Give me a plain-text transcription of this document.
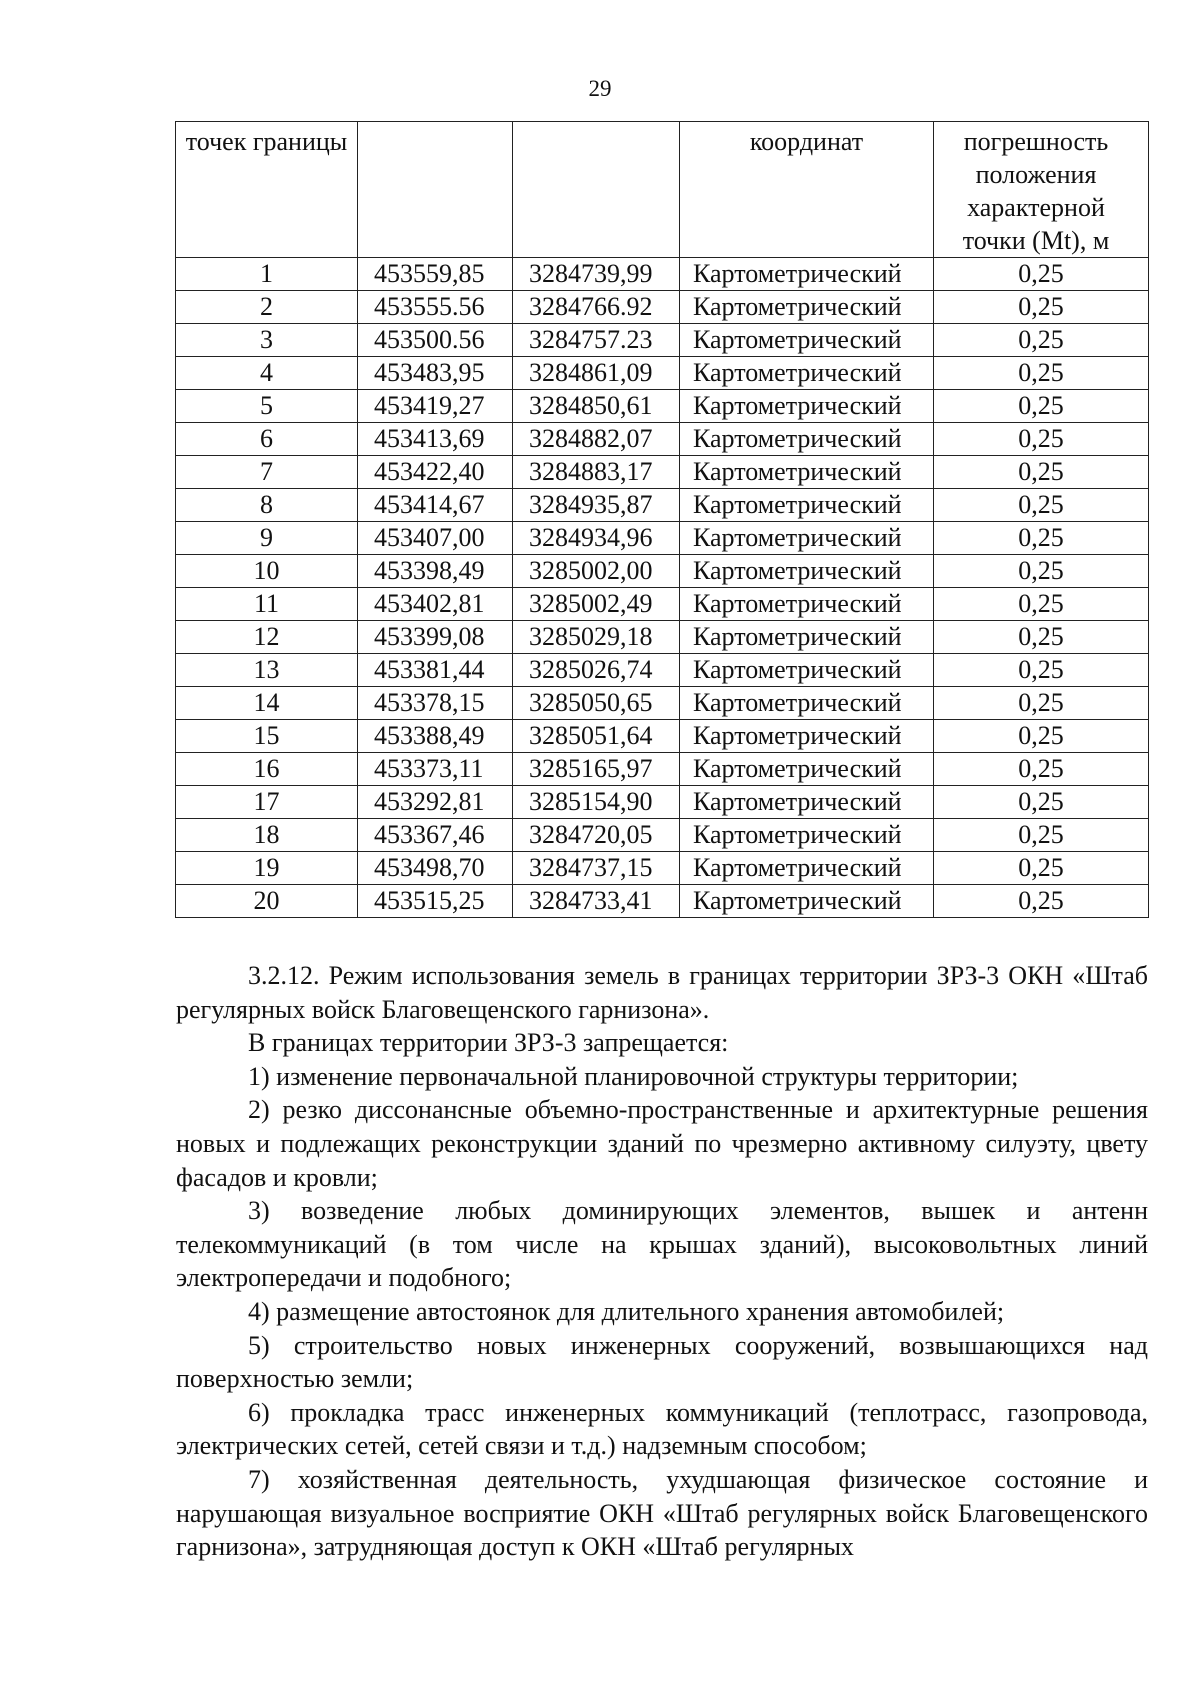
29
точек границы			координат	погрешность положения характерной точки (Mt), м
1	453559,85	3284739,99	Картометрический	0,25
2	453555.56	3284766.92	Картометрический	0,25
3	453500.56	3284757.23	Картометрический	0,25
4	453483,95	3284861,09	Картометрический	0,25
5	453419,27	3284850,61	Картометрический	0,25
6	453413,69	3284882,07	Картометрический	0,25
7	453422,40	3284883,17	Картометрический	0,25
8	453414,67	3284935,87	Картометрический	0,25
9	453407,00	3284934,96	Картометрический	0,25
10	453398,49	3285002,00	Картометрический	0,25
11	453402,81	3285002,49	Картометрический	0,25
12	453399,08	3285029,18	Картометрический	0,25
13	453381,44	3285026,74	Картометрический	0,25
14	453378,15	3285050,65	Картометрический	0,25
15	453388,49	3285051,64	Картометрический	0,25
16	453373,11	3285165,97	Картометрический	0,25
17	453292,81	3285154,90	Картометрический	0,25
18	453367,46	3284720,05	Картометрический	0,25
19	453498,70	3284737,15	Картометрический	0,25
20	453515,25	3284733,41	Картометрический	0,25

3.2.12. Режим использования земель в границах территории ЗРЗ-3 ОКН «Штаб регулярных войск Благовещенского гарнизона».

В границах территории ЗРЗ-3 запрещается:

1) изменение первоначальной планировочной структуры территории;

2) резко диссонансные объемно-пространственные и архитектурные решения новых и подлежащих реконструкции зданий по чрезмерно активному силуэту, цвету фасадов и кровли;

3) возведение любых доминирующих элементов, вышек и антенн телекоммуникаций (в том числе на крышах зданий), высоковольтных линий электропередачи и подобного;

4) размещение автостоянок для длительного хранения автомобилей;

5) строительство новых инженерных сооружений, возвышающихся над поверхностью земли;

6) прокладка трасс инженерных коммуникаций (теплотрасс, газопровода, электрических сетей, сетей связи и т.д.) надземным способом;

7) хозяйственная деятельность, ухудшающая физическое состояние и нарушающая визуальное восприятие ОКН «Штаб регулярных войск Благовещенского гарнизона», затрудняющая доступ к ОКН «Штаб регулярных
